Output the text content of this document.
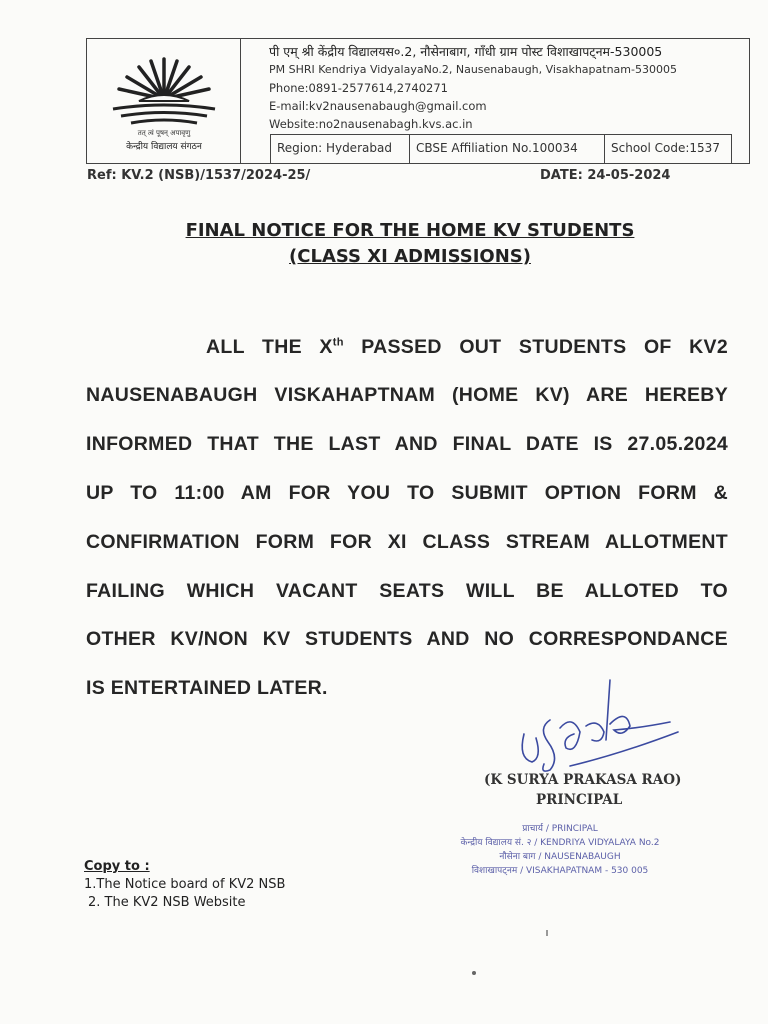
तत् त्वं पूषन् अपावृणु
केन्द्रीय विद्यालय संगठन
पी एम् श्री केंद्रीय विद्यालयस०.2, नौसेनाबाग, गाँधी ग्राम पोस्ट विशाखापट्नम-530005
PM SHRI Kendriya VidyalayaNo.2, Nausenabaugh, Visakhapatnam-530005
Phone:0891-2577614,2740271
E-mail:kv2nausenabaugh@gmail.com
Website:no2nausenabagh.kvs.ac.in
Region: Hyderabad	CBSE Affiliation No.100034	School Code:1537
Ref: KV.2 (NSB)/1537/2024-25/	DATE: 24-05-2024
FINAL NOTICE FOR THE HOME KV STUDENTS
(CLASS XI ADMISSIONS)
ALL THE Xth PASSED OUT STUDENTS OF KV2
NAUSENABAUGH VISKAHAPTNAM (HOME KV) ARE HEREBY
INFORMED THAT THE LAST AND FINAL DATE IS 27.05.2024
UP TO 11:00 AM FOR YOU TO SUBMIT OPTION FORM &
CONFIRMATION FORM FOR XI CLASS STREAM ALLOTMENT
FAILING WHICH VACANT SEATS WILL BE ALLOTED TO
OTHER KV/NON KV STUDENTS AND NO CORRESPONDANCE
IS ENTERTAINED LATER.
(K SURYA PRAKASA RAO)
PRINCIPAL
प्राचार्य / PRINCIPAL
केन्द्रीय विद्यालय सं. २ / KENDRIYA VIDYALAYA No.2
नौसेना बाग / NAUSENABAUGH
विशाखापट्नम / VISAKHAPATNAM - 530 005
Copy to :
1.The Notice board of KV2 NSB
2. The KV2 NSB Website
